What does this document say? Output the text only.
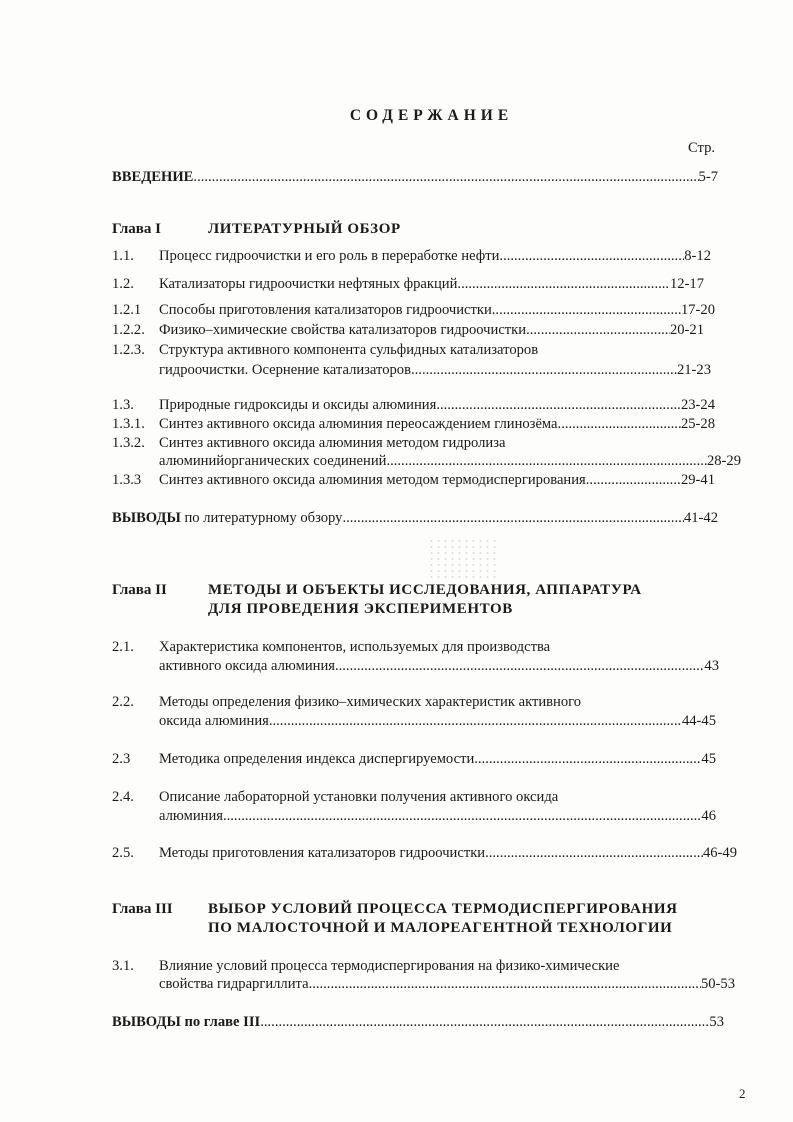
СОДЕРЖАНИЕ
Стр.
ВВЕДЕНИЕ .....	5-7
Глава I	ЛИТЕРАТУРНЫЙ ОБЗОР
1.1. Процесс гидроочистки и его роль в переработке нефти .....	8-12
1.2. Катализаторы гидроочистки нефтяных фракций .....	12-17
1.2.1 Способы приготовления катализаторов гидроочистки .....	17-20
1.2.2. Физико–химические свойства катализаторов гидроочистки .....	20-21
1.2.3. Структура активного компонента сульфидных катализаторов
гидроочистки. Осернение катализаторов .....	21-23
1.3. Природные гидроксиды и оксиды алюминия .....	23-24
1.3.1. Синтез активного оксида алюминия переосаждением глинозёма .....	25-28
1.3.2. Синтез активного оксида алюминия методом гидролиза
алюминийорганических соединений .....	28-29
1.3.3 Синтез активного оксида алюминия методом термодиспергирования .....	29-41
ВЫВОДЫ
по литературному обзору .....	41-42
Глава II	МЕТОДЫ И ОБЪЕКТЫ ИССЛЕДОВАНИЯ, АППАРАТУРА
ДЛЯ ПРОВЕДЕНИЯ ЭКСПЕРИМЕНТОВ
2.1. Характеристика компонентов, используемых для производства
активного оксида алюминия .....	43
2.2. Методы определения физико–химических характеристик активного
оксида алюминия .....	44-45
2.3 Методика определения индекса диспергируемости .....	45
2.4. Описание лабораторной установки получения активного оксида
алюминия .....	46
2.5. Методы приготовления катализаторов гидроочистки .....	46-49
Глава III ВЫБОР УСЛОВИЙ ПРОЦЕССА ТЕРМОДИСПЕРГИРОВАНИЯ
ПО МАЛОСТОЧНОЙ И МАЛОРЕАГЕНТНОЙ ТЕХНОЛОГИИ
3.1. Влияние условий процесса термодиспергирования на физико-химические
свойства гидраргиллита .....	50-53
ВЫВОДЫ по главе III .....	53
2
